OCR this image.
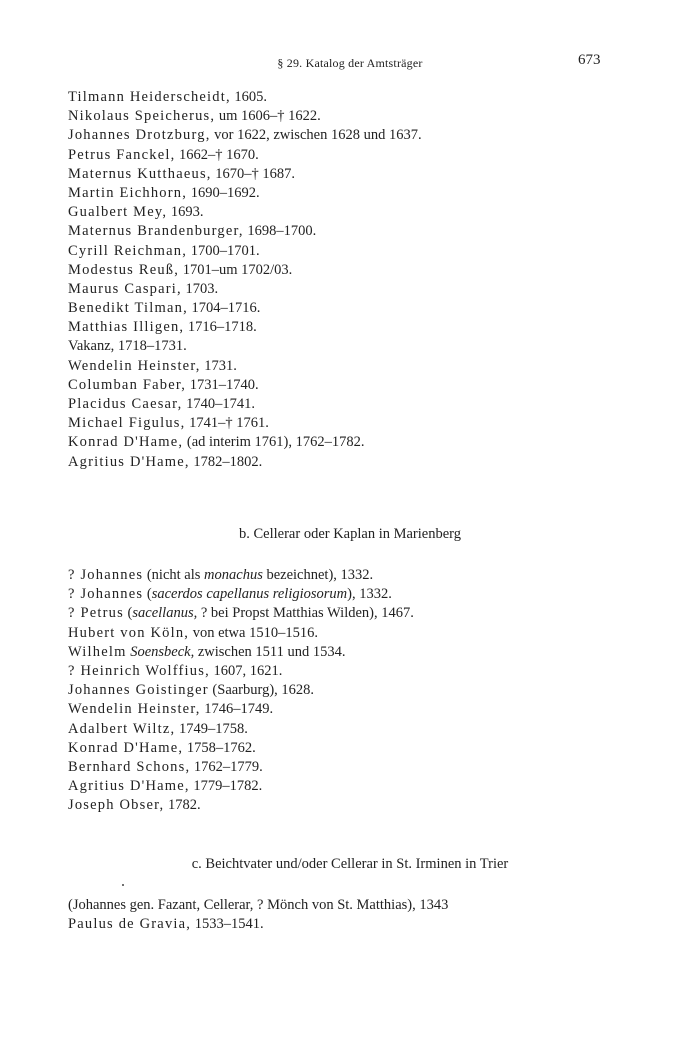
§ 29. Katalog der Amtsträger	673
Tilmann Heiderscheidt, 1605.
Nikolaus Speicherus, um 1606–† 1622.
Johannes Drotzburg, vor 1622, zwischen 1628 und 1637.
Petrus Fanckel, 1662–† 1670.
Maternus Kutthaeus, 1670–† 1687.
Martin Eichhorn, 1690–1692.
Gualbert Mey, 1693.
Maternus Brandenburger, 1698–1700.
Cyrill Reichman, 1700–1701.
Modestus Reuß, 1701–um 1702/03.
Maurus Caspari, 1703.
Benedikt Tilman, 1704–1716.
Matthias Illigen, 1716–1718.
Vakanz, 1718–1731.
Wendelin Heinster, 1731.
Columban Faber, 1731–1740.
Placidus Caesar, 1740–1741.
Michael Figulus, 1741–† 1761.
Konrad D'Hame, (ad interim 1761), 1762–1782.
Agritius D'Hame, 1782–1802.
b. Cellerar oder Kaplan in Marienberg
? Johannes (nicht als monachus bezeichnet), 1332.
? Johannes (sacerdos capellanus religiosorum), 1332.
? Petrus (sacellanus, ? bei Propst Matthias Wilden), 1467.
Hubert von Köln, von etwa 1510–1516.
Wilhelm Soensbeck, zwischen 1511 und 1534.
? Heinrich Wolffius, 1607, 1621.
Johannes Goistinger (Saarburg), 1628.
Wendelin Heinster, 1746–1749.
Adalbert Wiltz, 1749–1758.
Konrad D'Hame, 1758–1762.
Bernhard Schons, 1762–1779.
Agritius D'Hame, 1779–1782.
Joseph Obser, 1782.
c. Beichtvater und/oder Cellerar in St. Irminen in Trier
(Johannes gen. Fazant, Cellerar, ? Mönch von St. Matthias), 1343
Paulus de Gravia, 1533–1541.
